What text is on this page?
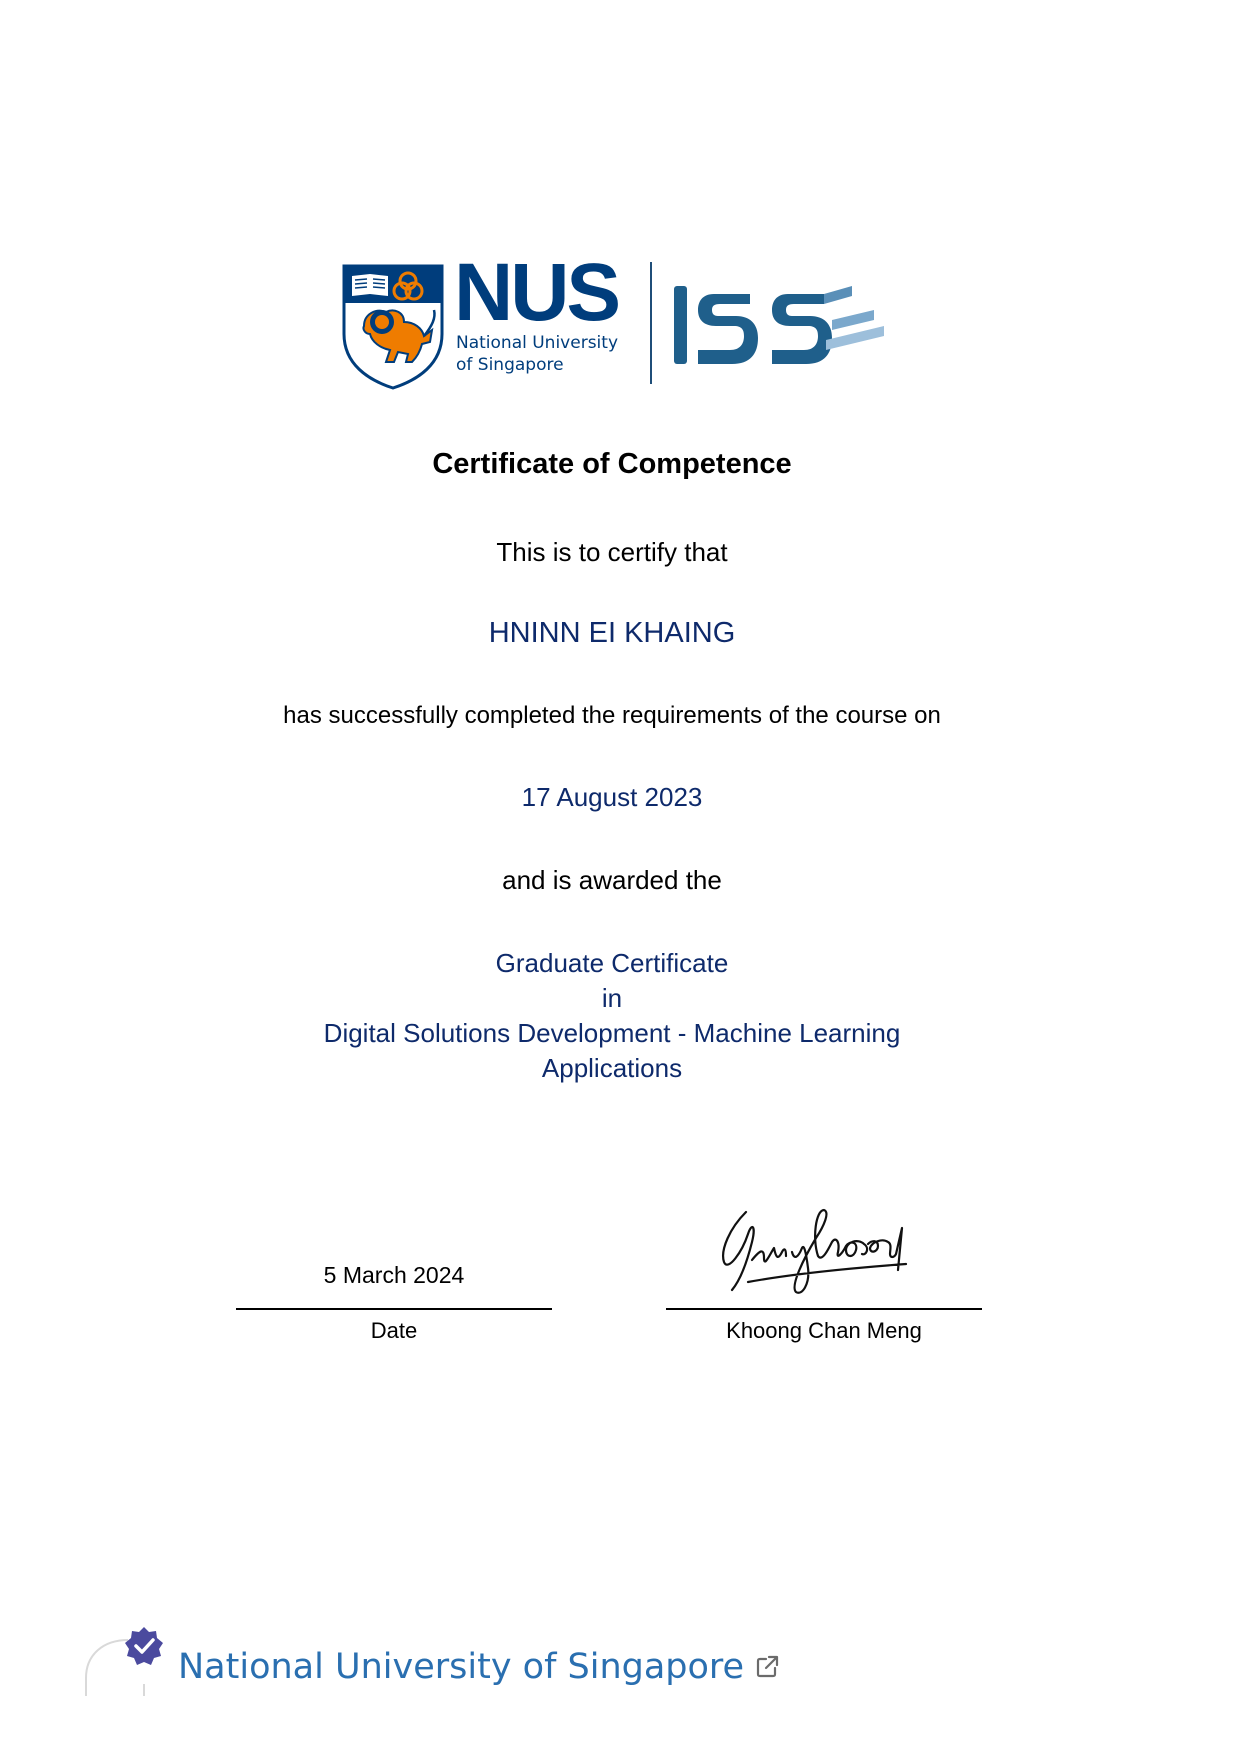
NUS
National University
of Singapore
Certificate of Competence
This is to certify that
HNINN EI KHAING
has successfully completed the requirements of the course on
17 August 2023
and is awarded the
Graduate Certificate
in
Digital Solutions Development - Machine Learning
Applications
5 March 2024
Date	Khoong Chan Meng
National University of Singapore
